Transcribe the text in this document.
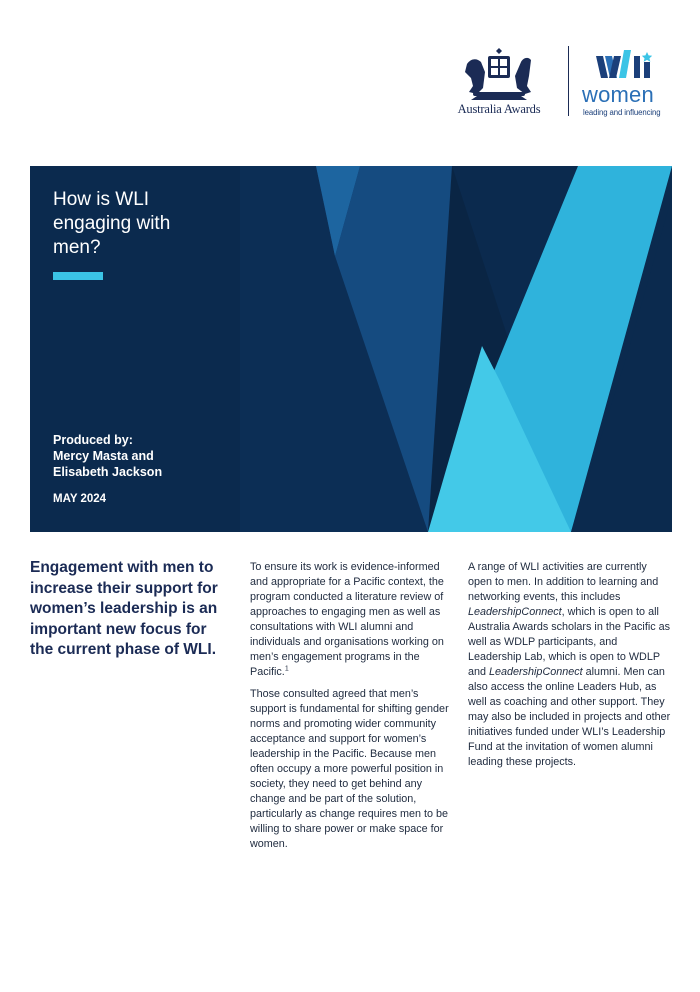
Australia Awards
women
leading and influencing
How is WLI engaging with men?
Produced by:
Mercy Masta and
Elisabeth Jackson
MAY 2024
Engagement with men to increase their support for women’s leadership is an important new focus for the current phase of WLI.

To ensure its work is evidence-informed and appropriate for a Pacific context, the program conducted a literature review of approaches to engaging men as well as consultations with WLI alumni and individuals and organisations working on men’s engagement programs in the Pacific.$^1$

Those consulted agreed that men’s support is fundamental for shifting gender norms and promoting wider community acceptance and support for women’s leadership in the Pacific. Because men often occupy a more powerful position in society, they need to get behind any change and be part of the solution, particularly as change requires men to be willing to share power or make space for women.

A range of WLI activities are currently open to men. In addition to learning and networking events, this includes LeadershipConnect, which is open to all Australia Awards scholars in the Pacific as well as WDLP participants, and Leadership Lab, which is open to WDLP and LeadershipConnect alumni. Men can also access the online Leaders Hub, as well as coaching and other support. They may also be included in projects and other initiatives funded under WLI’s Leadership Fund at the invitation of women alumni leading these projects.
